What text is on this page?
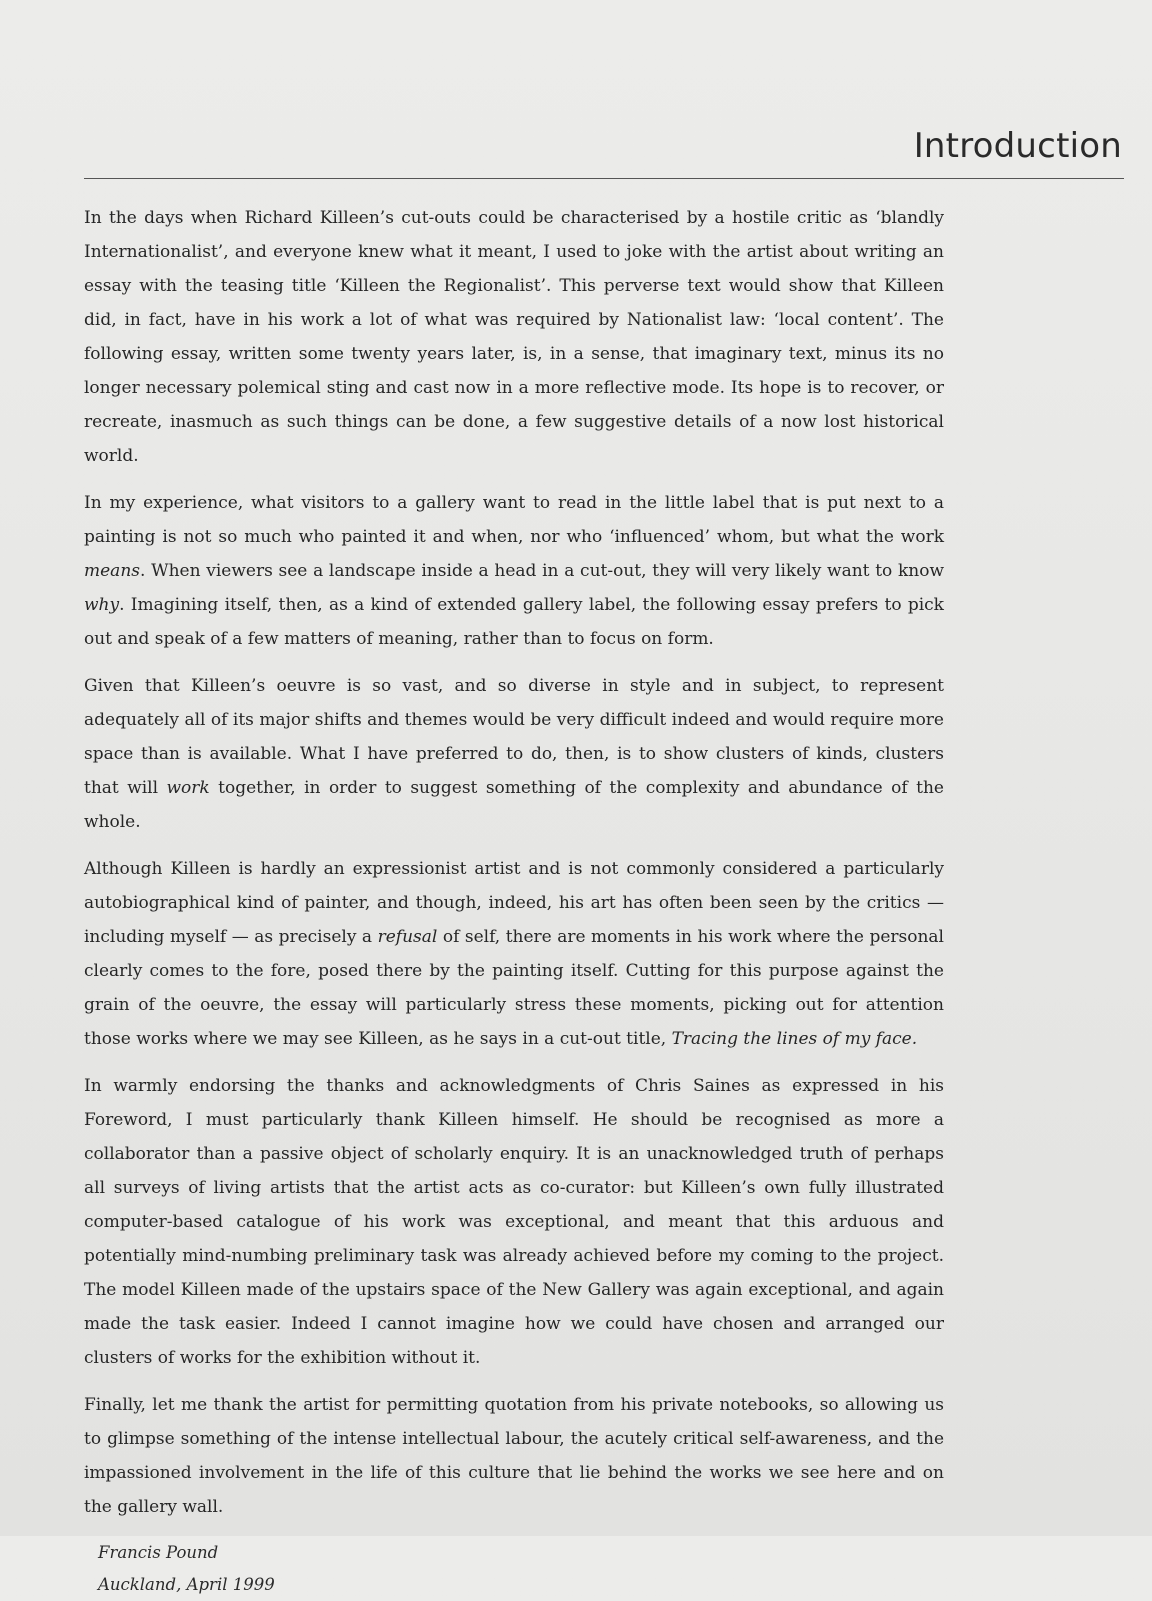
Introduction

In the days when Richard Killeen’s cut-outs could be characterised by a hostile critic as ‘blandly Internationalist’, and everyone knew what it meant, I used to joke with the artist about writing an essay with the teasing title ‘Killeen the Regionalist’. This perverse text would show that Killeen did, in fact, have in his work a lot of what was required by Nationalist law: ‘local content’. The following essay, written some twenty years later, is, in a sense, that imaginary text, minus its no longer necessary polemical sting and cast now in a more reflective mode. Its hope is to recover, or recreate, inasmuch as such things can be done, a few suggestive details of a now lost historical world.

In my experience, what visitors to a gallery want to read in the little label that is put next to a painting is not so much who painted it and when, nor who ‘influenced’ whom, but what the work means. When viewers see a landscape inside a head in a cut-out, they will very likely want to know why. Imagining itself, then, as a kind of extended gallery label, the following essay prefers to pick out and speak of a few matters of meaning, rather than to focus on form.

Given that Killeen’s oeuvre is so vast, and so diverse in style and in subject, to represent adequately all of its major shifts and themes would be very difficult indeed and would require more space than is available. What I have preferred to do, then, is to show clusters of kinds, clusters that will work together, in order to suggest something of the complexity and abundance of the whole.

Although Killeen is hardly an expressionist artist and is not commonly considered a particularly autobiographical kind of painter, and though, indeed, his art has often been seen by the critics — including myself — as precisely a refusal of self, there are moments in his work where the personal clearly comes to the fore, posed there by the painting itself. Cutting for this purpose against the grain of the oeuvre, the essay will particularly stress these moments, picking out for attention those works where we may see Killeen, as he says in a cut-out title, Tracing the lines of my face.

In warmly endorsing the thanks and acknowledgments of Chris Saines as expressed in his Foreword, I must particularly thank Killeen himself. He should be recognised as more a collaborator than a passive object of scholarly enquiry. It is an unacknowledged truth of perhaps all surveys of living artists that the artist acts as co-curator: but Killeen’s own fully illustrated computer-based catalogue of his work was exceptional, and meant that this arduous and potentially mind-numbing preliminary task was already achieved before my coming to the project. The model Killeen made of the upstairs space of the New Gallery was again exceptional, and again made the task easier. Indeed I cannot imagine how we could have chosen and arranged our clusters of works for the exhibition without it.

Finally, let me thank the artist for permitting quotation from his private notebooks, so allowing us to glimpse something of the intense intellectual labour, the acutely critical self-awareness, and the impassioned involvement in the life of this culture that lie behind the works we see here and on the gallery wall.

Francis Pound

Auckland, April 1999
